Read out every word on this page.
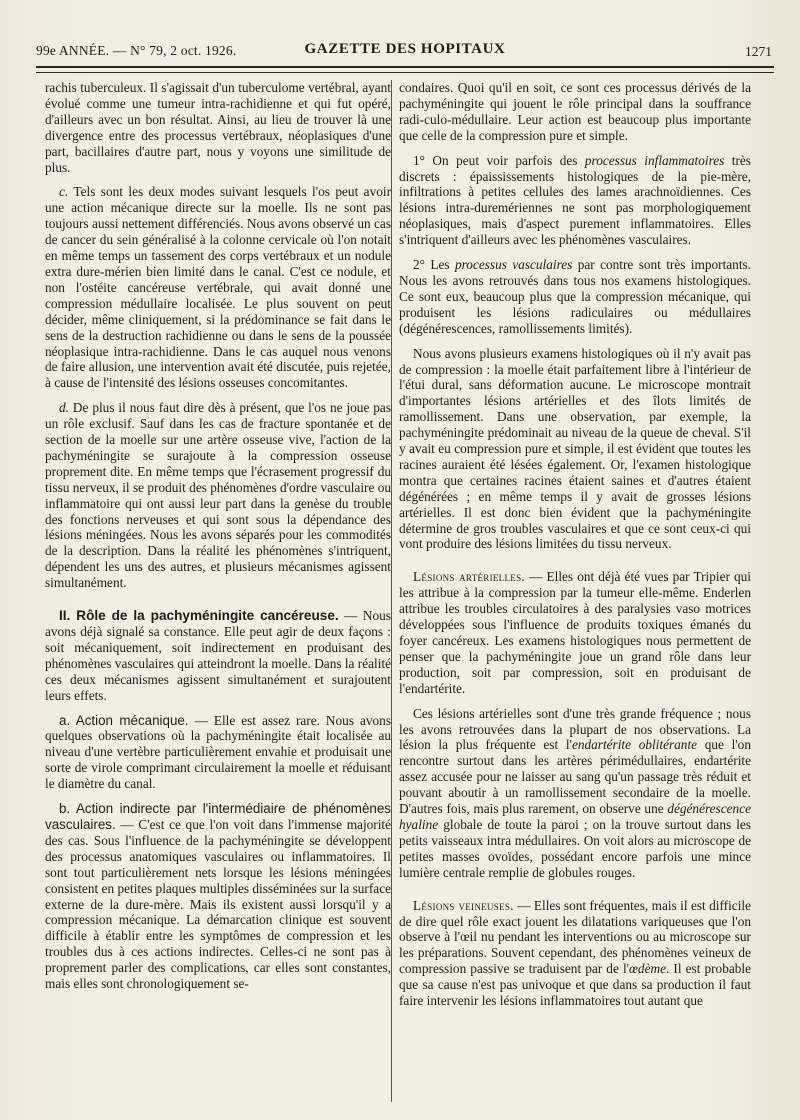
99e ANNÉE. — N° 79, 2 oct. 1926.	GAZETTE DES HOPITAUX	1271

rachis tuberculeux. Il s'agissait d'un tuberculome vertébral, ayant évolué comme une tumeur intra-rachidienne et qui fut opéré, d'ailleurs avec un bon résultat. Ainsi, au lieu de trouver là une divergence entre des processus vertébraux, néoplasiques d'une part, bacillaires d'autre part, nous y voyons une similitude de plus.

c. Tels sont les deux modes suivant lesquels l'os peut avoir une action mécanique directe sur la moelle. Ils ne sont pas toujours aussi nettement différenciés. Nous avons observé un cas de cancer du sein généralisé à la colonne cervicale où l'on notait en même temps un tassement des corps vertébraux et un nodule extra dure-mérien bien limité dans le canal. C'est ce nodule, et non l'ostéite cancéreuse vertébrale, qui avait donné une compression médullaire localisée. Le plus souvent on peut décider, même cliniquement, si la prédominance se fait dans le sens de la destruction rachidienne ou dans le sens de la poussée néoplasique intra-rachidienne. Dans le cas auquel nous venons de faire allusion, une intervention avait été discutée, puis rejetée, à cause de l'intensité des lésions osseuses concomitantes.

d. De plus il nous faut dire dès à présent, que l'os ne joue pas un rôle exclusif. Sauf dans les cas de fracture spontanée et de section de la moelle sur une artère osseuse vive, l'action de la pachyméningite se surajoute à la compression osseuse proprement dite. En même temps que l'écrasement progressif du tissu nerveux, il se produit des phénomènes d'ordre vasculaire ou inflammatoire qui ont aussi leur part dans la genèse du trouble des fonctions nerveuses et qui sont sous la dépendance des lésions méningées. Nous les avons séparés pour les commodités de la description. Dans la réalité les phénomènes s'intriquent, dépendent les uns des autres, et plusieurs mécanismes agissent simultanément.

II. Rôle de la pachyméningite cancéreuse. — Nous avons déjà signalé sa constance. Elle peut agir de deux façons : soit mécaniquement, soit indirectement en produisant des phénomènes vasculaires qui atteindront la moelle. Dans la réalité ces deux mécanismes agissent simultanément et surajoutent leurs effets.

a. Action mécanique. — Elle est assez rare. Nous avons quelques observations où la pachyméningite était localisée au niveau d'une vertèbre particulièrement envahie et produisait une sorte de virole comprimant circulairement la moelle et réduisant le diamètre du canal.

b. Action indirecte par l'intermédiaire de phénomènes vasculaires. — C'est ce que l'on voit dans l'immense majorité des cas. Sous l'influence de la pachyméningite se développent des processus anatomiques vasculaires ou inflammatoires. Il sont tout particulièrement nets lorsque les lésions méningées consistent en petites plaques multiples disséminées sur la surface externe de la dure-mère. Mais ils existent aussi lorsqu'il y a compression mécanique. La démarcation clinique est souvent difficile à établir entre les symptômes de compression et les troubles dus à ces actions indirectes. Celles-ci ne sont pas à proprement parler des complications, car elles sont constantes, mais elles sont chronologiquement se-

condaires. Quoi qu'il en soit, ce sont ces processus dérivés de la pachyméningite qui jouent le rôle principal dans la souffrance radi-culo-médullaire. Leur action est beaucoup plus importante que celle de la compression pure et simple.

1° On peut voir parfois des processus inflammatoires très discrets : épaississements histologiques de la pie-mère, infiltrations à petites cellules des lames arachnoïdiennes. Ces lésions intra-duremériennes ne sont pas morphologiquement néoplasiques, mais d'aspect purement inflammatoires. Elles s'intriquent d'ailleurs avec les phénomènes vasculaires.

2° Les processus vasculaires par contre sont très importants. Nous les avons retrouvés dans tous nos examens histologiques. Ce sont eux, beaucoup plus que la compression mécanique, qui produisent les lésions radiculaires ou médullaires (dégénérescences, ramollissements limités).

Nous avons plusieurs examens histologiques où il n'y avait pas de compression : la moelle était parfaitement libre à l'intérieur de l'étui dural, sans déformation aucune. Le microscope montrait d'importantes lésions artérielles et des îlots limités de ramollissement. Dans une observation, par exemple, la pachyméningite prédominait au niveau de la queue de cheval. S'il y avait eu compression pure et simple, il est évident que toutes les racines auraient été lésées également. Or, l'examen histologique montra que certaines racines étaient saines et d'autres étaient dégénérées ; en même temps il y avait de grosses lésions artérielles. Il est donc bien évident que la pachyméningite détermine de gros troubles vasculaires et que ce sont ceux-ci qui vont produire des lésions limitées du tissu nerveux.

Lésions artérielles. — Elles ont déjà été vues par Tripier qui les attribue à la compression par la tumeur elle-même. Enderlen attribue les troubles circulatoires à des paralysies vaso motrices développées sous l'influence de produits toxiques émanés du foyer cancéreux. Les examens histologiques nous permettent de penser que la pachyméningite joue un grand rôle dans leur production, soit par compression, soit en produisant de l'endartérite.

Ces lésions artérielles sont d'une très grande fréquence ; nous les avons retrouvées dans la plupart de nos observations. La lésion la plus fréquente est l'endartérite oblitérante que l'on rencontre surtout dans les artères périmédullaires, endartérite assez accusée pour ne laisser au sang qu'un passage très réduit et pouvant aboutir à un ramollissement secondaire de la moelle. D'autres fois, mais plus rarement, on observe une dégénérescence hyaline globale de toute la paroi ; on la trouve surtout dans les petits vaisseaux intra médullaires. On voit alors au microscope de petites masses ovoïdes, possédant encore parfois une mince lumière centrale remplie de globules rouges.

Lésions veineuses. — Elles sont fréquentes, mais il est difficile de dire quel rôle exact jouent les dilatations variqueuses que l'on observe à l'œil nu pendant les interventions ou au microscope sur les préparations. Souvent cependant, des phénomènes veineux de compression passive se traduisent par de l'œdème. Il est probable que sa cause n'est pas univoque et que dans sa production il faut faire intervenir les lésions inflammatoires tout autant que
